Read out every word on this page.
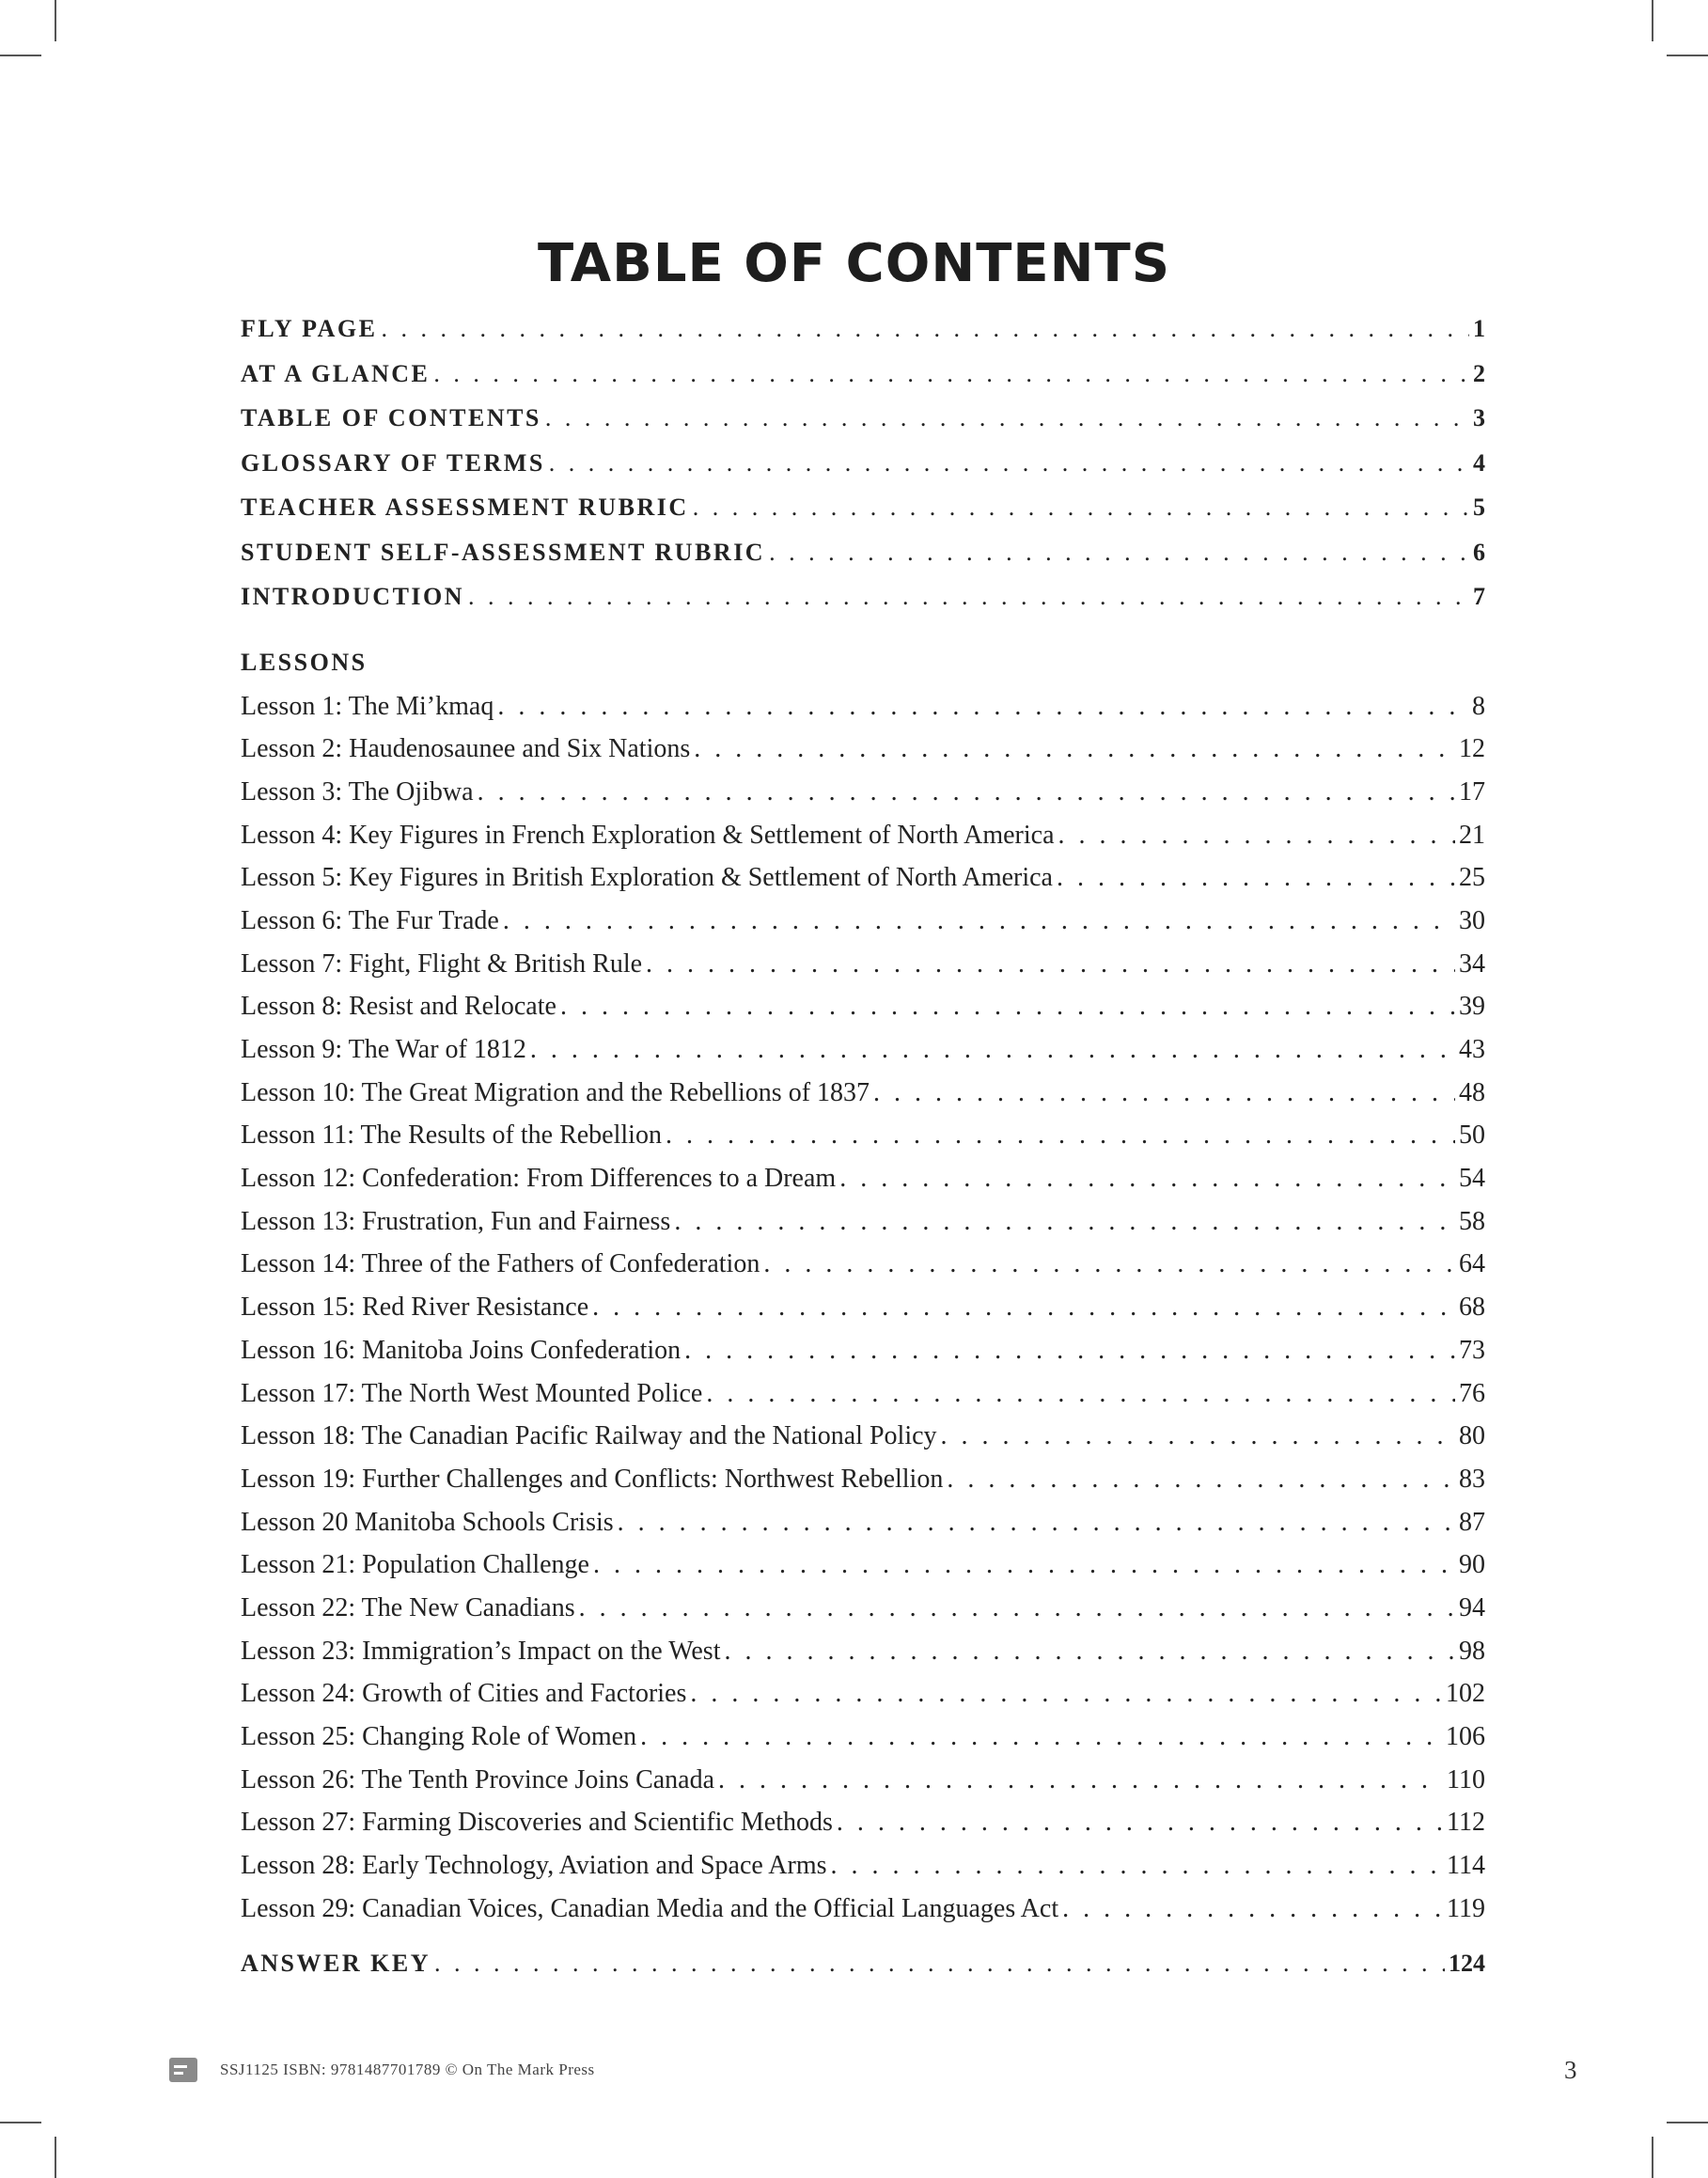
TABLE OF CONTENTS
FLY PAGE . . .	1
AT A GLANCE . . .	2
TABLE OF CONTENTS . . .	3
GLOSSARY OF TERMS . . .	4
TEACHER ASSESSMENT RUBRIC . . .	5
STUDENT SELF-ASSESSMENT RUBRIC . . .	6
INTRODUCTION . . .	7
LESSONS
Lesson 1: The Mi’kmaq . . .	8
Lesson 2: Haudenosaunee and Six Nations . . .	12
Lesson 3: The Ojibwa . . .	17
Lesson 4: Key Figures in French Exploration & Settlement of North America . . .	21
Lesson 5: Key Figures in British Exploration & Settlement of North America . . .	25
Lesson 6: The Fur Trade . . .	30
Lesson 7: Fight, Flight & British Rule . . .	34
Lesson 8: Resist and Relocate . . .	39
Lesson 9: The War of 1812 . . .	43
Lesson 10: The Great Migration and the Rebellions of 1837 . . .	48
Lesson 11: The Results of the Rebellion . . .	50
Lesson 12: Confederation: From Differences to a Dream . . .	54
Lesson 13: Frustration, Fun and Fairness . . .	58
Lesson 14: Three of the Fathers of Confederation . . .	64
Lesson 15: Red River Resistance . . .	68
Lesson 16: Manitoba Joins Confederation . . .	73
Lesson 17: The North West Mounted Police . . .	76
Lesson 18: The Canadian Pacific Railway and the National Policy . . .	80
Lesson 19: Further Challenges and Conflicts: Northwest Rebellion . . .	83
Lesson 20 Manitoba Schools Crisis . . .	87
Lesson 21: Population Challenge . . .	90
Lesson 22: The New Canadians . . .	94
Lesson 23: Immigration’s Impact on the West . . .	98
Lesson 24: Growth of Cities and Factories . . .	102
Lesson 25: Changing Role of Women . . .	106
Lesson 26: The Tenth Province Joins Canada . . .	110
Lesson 27: Farming Discoveries and Scientific Methods . . .	112
Lesson 28: Early Technology, Aviation and Space Arms . . .	114
Lesson 29: Canadian Voices, Canadian Media and the Official Languages Act . . .	119
ANSWER KEY . . .	124
SSJ1125 ISBN: 9781487701789 © On The Mark Press	3
